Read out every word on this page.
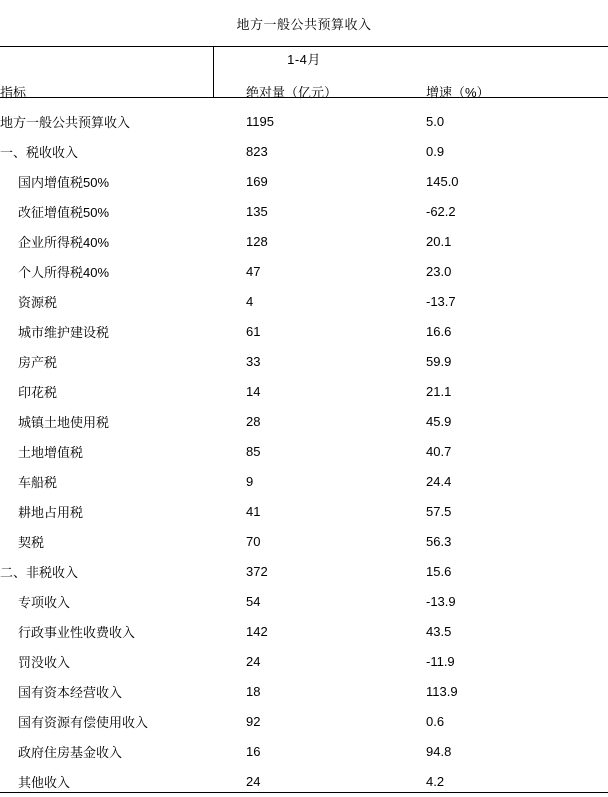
地方一般公共预算收入
1-4月
指标	绝对量（亿元）	增速（%）
地方一般公共预算收入	1195	5.0
一、税收收入	823	0.9
国内增值税50%	169	145.0
改征增值税50%	135	-62.2
企业所得税40%	128	20.1
个人所得税40%	47	23.0
资源税	4	-13.7
城市维护建设税	61	16.6
房产税	33	59.9
印花税	14	21.1
城镇土地使用税	28	45.9
土地增值税	85	40.7
车船税	9	24.4
耕地占用税	41	57.5
契税	70	56.3
二、非税收入	372	15.6
专项收入	54	-13.9
行政事业性收费收入	142	43.5
罚没收入	24	-11.9
国有资本经营收入	18	113.9
国有资源有偿使用收入	92	0.6
政府住房基金收入	16	94.8
其他收入	24	4.2
